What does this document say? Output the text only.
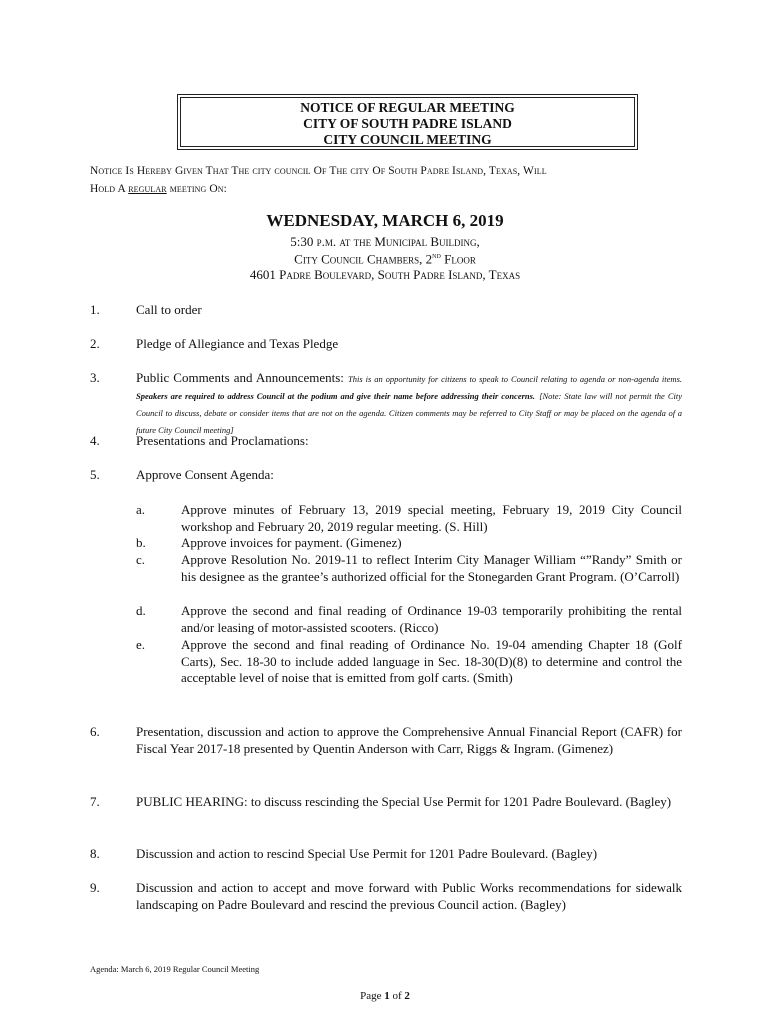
NOTICE OF REGULAR MEETING
CITY OF SOUTH PADRE ISLAND
CITY COUNCIL MEETING
Notice Is Hereby Given That The city council Of The city Of South Padre Island, Texas, Will
Hold A regular meeting On:
WEDNESDAY, MARCH 6, 2019
5:30 p.m. at the Municipal Building,
City Council Chambers, 2nd Floor
4601 Padre Boulevard, South Padre Island, Texas
1.	Call to order
2.	Pledge of Allegiance and Texas Pledge
3.	Public Comments and Announcements: This is an opportunity for citizens to speak to Council relating to agenda or non-agenda items. Speakers are required to address Council at the podium and give their name before addressing their concerns. [Note: State law will not permit the City Council to discuss, debate or consider items that are not on the agenda. Citizen comments may be referred to City Staff or may be placed on the agenda of a future City Council meeting]
4.	Presentations and Proclamations:
5.	Approve Consent Agenda:
a.	Approve minutes of February 13, 2019 special meeting, February 19, 2019 City Council workshop and February 20, 2019 regular meeting. (S. Hill)
b.	Approve invoices for payment. (Gimenez)
c.	Approve Resolution No. 2019-11 to reflect Interim City Manager William “”Randy” Smith or his designee as the grantee’s authorized official for the Stonegarden Grant Program. (O’Carroll)
d.	Approve the second and final reading of Ordinance 19-03 temporarily prohibiting the rental and/or leasing of motor-assisted scooters. (Ricco)
e.	Approve the second and final reading of Ordinance No. 19-04 amending Chapter 18 (Golf Carts), Sec. 18-30 to include added language in Sec. 18-30(D)(8) to determine and control the acceptable level of noise that is emitted from golf carts. (Smith)
6.	Presentation, discussion and action to approve the Comprehensive Annual Financial Report (CAFR) for Fiscal Year 2017-18 presented by Quentin Anderson with Carr, Riggs & Ingram. (Gimenez)
7.	PUBLIC HEARING: to discuss rescinding the Special Use Permit for 1201 Padre Boulevard. (Bagley)
8.	Discussion and action to rescind Special Use Permit for 1201 Padre Boulevard. (Bagley)
9.	Discussion and action to accept and move forward with Public Works recommendations for sidewalk landscaping on Padre Boulevard and rescind the previous Council action. (Bagley)
Agenda: March 6, 2019 Regular Council Meeting
Page 1 of 2
